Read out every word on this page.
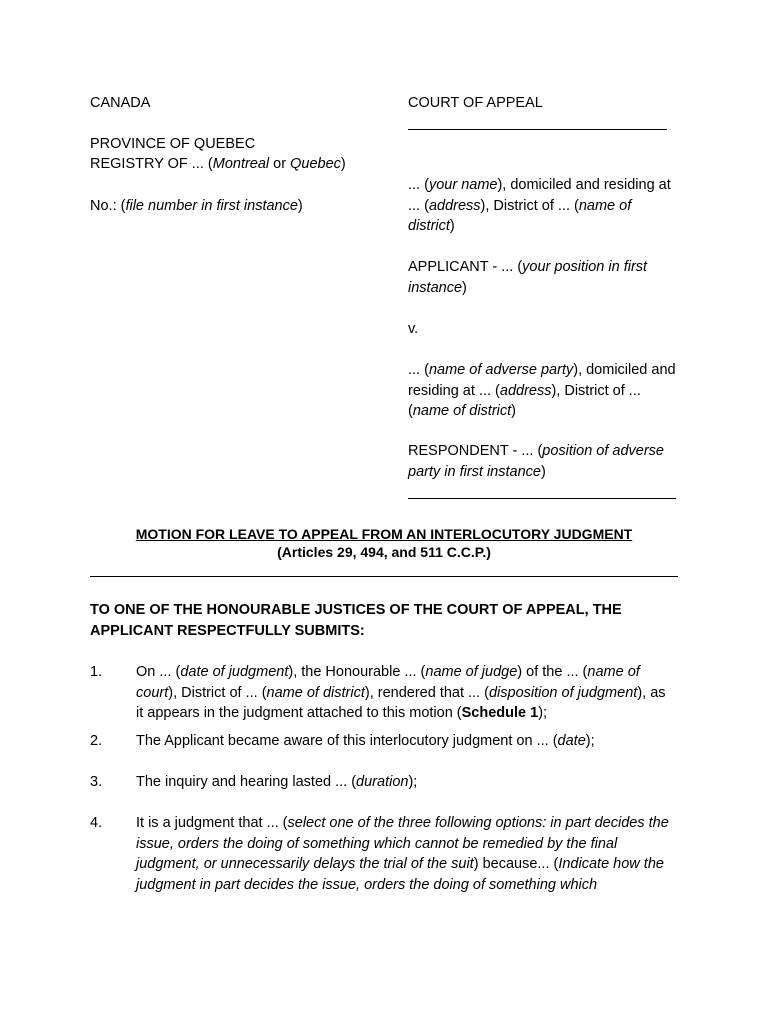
CANADA

PROVINCE OF QUEBEC

REGISTRY OF ... (Montreal or Quebec)

No.: (file number in first instance)

COURT OF APPEAL

... (your name), domiciled and residing at ... (address), District of ... (name of district)

APPLICANT - ... (your position in first instance)

v.

... (name of adverse party), domiciled and residing at ... (address), District of ... (name of district)

RESPONDENT - ... (position of adverse party in first instance)

MOTION FOR LEAVE TO APPEAL FROM AN INTERLOCUTORY JUDGMENT

(Articles 29, 494, and 511 C.C.P.)

TO ONE OF THE HONOURABLE JUSTICES OF THE COURT OF APPEAL, THE APPLICANT RESPECTFULLY SUBMITS:

1. On ... (date of judgment), the Honourable ... (name of judge) of the ... (name of court), District of ... (name of district), rendered that ... (disposition of judgment), as it appears in the judgment attached to this motion (Schedule 1);

2. The Applicant became aware of this interlocutory judgment on ... (date);

3. The inquiry and hearing lasted ... (duration);

4. It is a judgment that ... (select one of the three following options: in part decides the issue, orders the doing of something which cannot be remedied by the final judgment, or unnecessarily delays the trial of the suit) because... (Indicate how the judgment in part decides the issue, orders the doing of something which
